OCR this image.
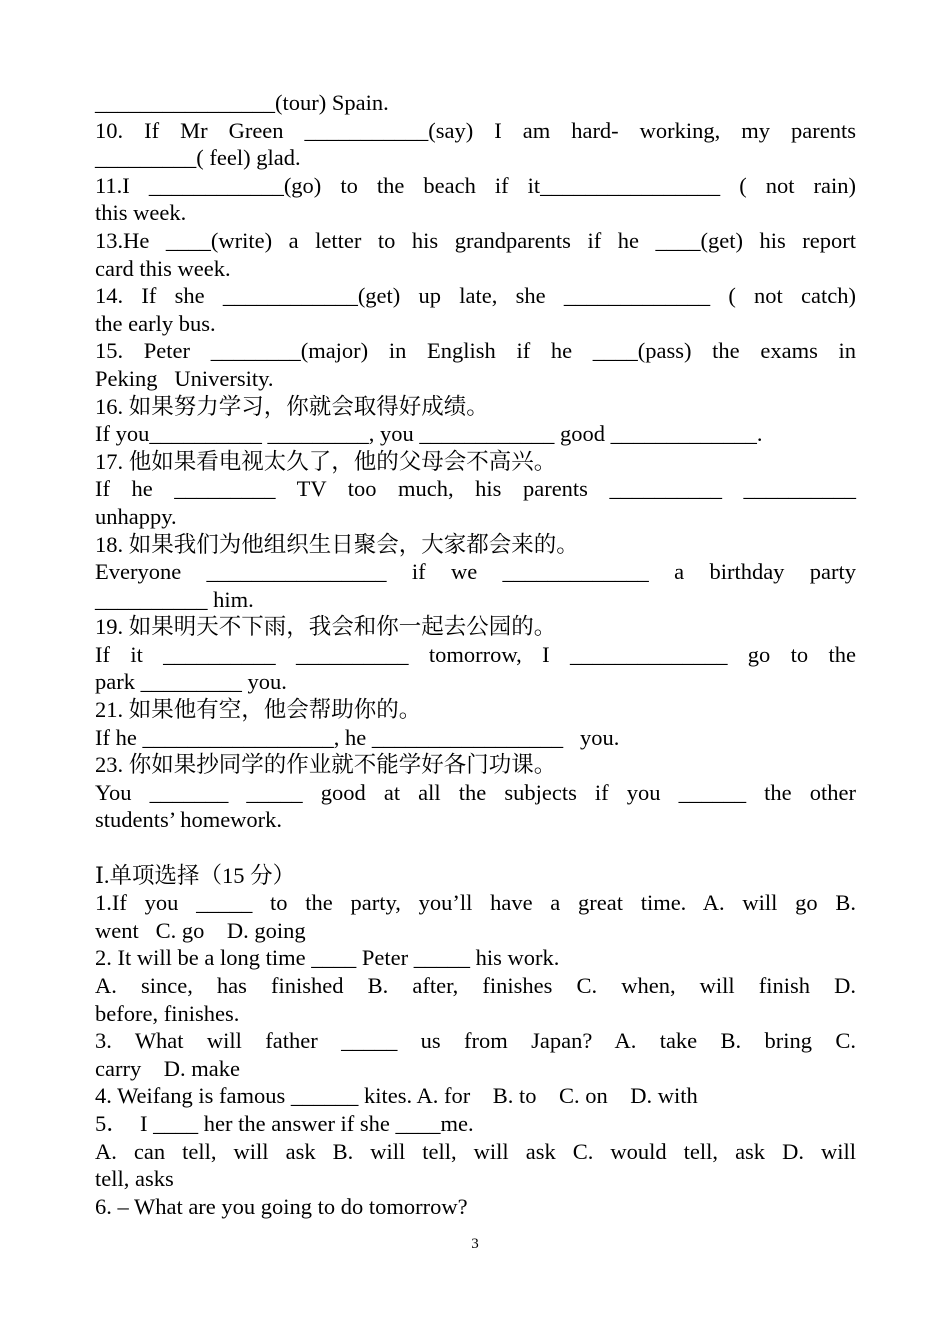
________________(tour) Spain.
10. If Mr Green ___________(say) I am hard- working, my parents
_________( feel) glad.
11.I ____________(go) to the beach if it________________ ( not rain)
this week.
13.He ____(write) a letter to his grandparents if he ____(get) his report
card this week.
14. If she ____________(get) up late, she _____________ ( not catch)
the early bus.
15. Peter ________(major) in English if he ____(pass) the exams in
Peking   University.
16. 如果努力学习，你就会取得好成绩。
If you__________ _________, you ____________ good _____________.
17. 他如果看电视太久了，他的父母会不高兴。
If he _________ TV too much, his parents __________ __________
unhappy.
18. 如果我们为他组织生日聚会，大家都会来的。
Everyone ________________ if we _____________ a birthday party
__________ him.
19. 如果明天不下雨，我会和你一起去公园的。
If it __________ __________ tomorrow, I ______________ go to the
park _________ you.
21. 如果他有空，他会帮助你的。
If he _________________, he _________________   you.
23. 你如果抄同学的作业就不能学好各门功课。
You _______ _____ good at all the subjects if you ______ the other
students’ homework.
Ⅰ.单项选择（15 分）
1.If you _____ to the party, you’ll have a great time. A. will go B.
went   C. go    D. going
2. It will be a long time ____ Peter _____ his work.
A. since, has finished B. after, finishes C. when, will finish D.
before, finishes.
3. What will father _____ us from Japan? A. take B. bring C.
carry    D. make
4. Weifang is famous ______ kites. A. for    B. to    C. on    D. with
5．  I ____ her the answer if she ____me.
A. can tell, will ask B. will tell, will ask C. would tell, ask D. will
tell, asks
6. – What are you going to do tomorrow?
3
